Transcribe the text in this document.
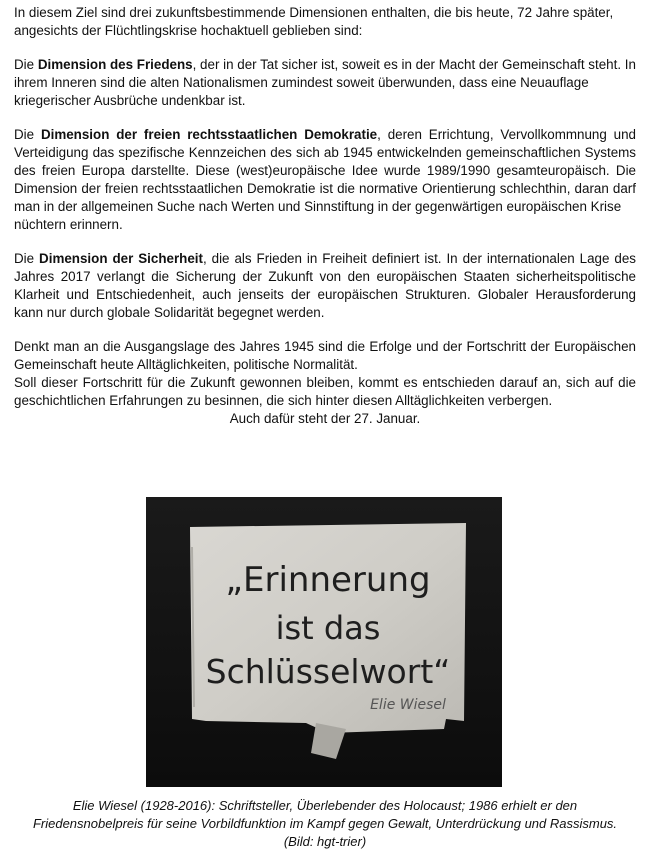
In diesem Ziel sind drei zukunftsbestimmende Dimensionen enthalten, die bis heute, 72 Jahre später,
angesichts der Flüchtlingskrise hochaktuell geblieben sind:

Die Dimension des Friedens, der in der Tat sicher ist, soweit es in der Macht der Gemeinschaft steht. In ihrem Inneren sind die alten Nationalismen zumindest soweit überwunden, dass eine Neuauflage kriegerischer Ausbrüche undenkbar ist.

Die Dimension der freien rechtsstaatlichen Demokratie, deren Errichtung, Vervollkommnung und Verteidigung das spezifische Kennzeichen des sich ab 1945 entwickelnden gemeinschaftlichen Systems des freien Europa darstellte. Diese (west)europäische Idee wurde 1989/1990 gesamteuropäisch. Die Dimension der freien rechtsstaatlichen Demokratie ist die normative Orientierung schlechthin, daran darf man in der allgemeinen Suche nach Werten und Sinnstiftung in der gegenwärtigen europäischen Krise

nüchtern erinnern.

Die Dimension der Sicherheit, die als Frieden in Freiheit definiert ist. In der internationalen Lage des Jahres 2017 verlangt die Sicherung der Zukunft von den europäischen Staaten sicherheitspolitische Klarheit und Entschiedenheit, auch jenseits der europäischen Strukturen. Globaler Herausforderung kann nur durch globale Solidarität begegnet werden.

Denkt man an die Ausgangslage des Jahres 1945 sind die Erfolge und der Fortschritt der Europäischen Gemeinschaft heute Alltäglichkeiten, politische Normalität.
Soll dieser Fortschritt für die Zukunft gewonnen bleiben, kommt es entschieden darauf an, sich auf die geschichtlichen Erfahrungen zu besinnen, die sich hinter diesen Alltäglichkeiten verbergen.
Auch dafür steht der 27. Januar.

„Erinnerung
ist das
Schlüsselwort“
Elie Wiesel
Elie Wiesel (1928-2016): Schriftsteller, Überlebender des Holocaust; 1986 erhielt er den
Friedensnobelpreis für seine Vorbildfunktion im Kampf gegen Gewalt, Unterdrückung und Rassismus.
(Bild: hgt-trier)
